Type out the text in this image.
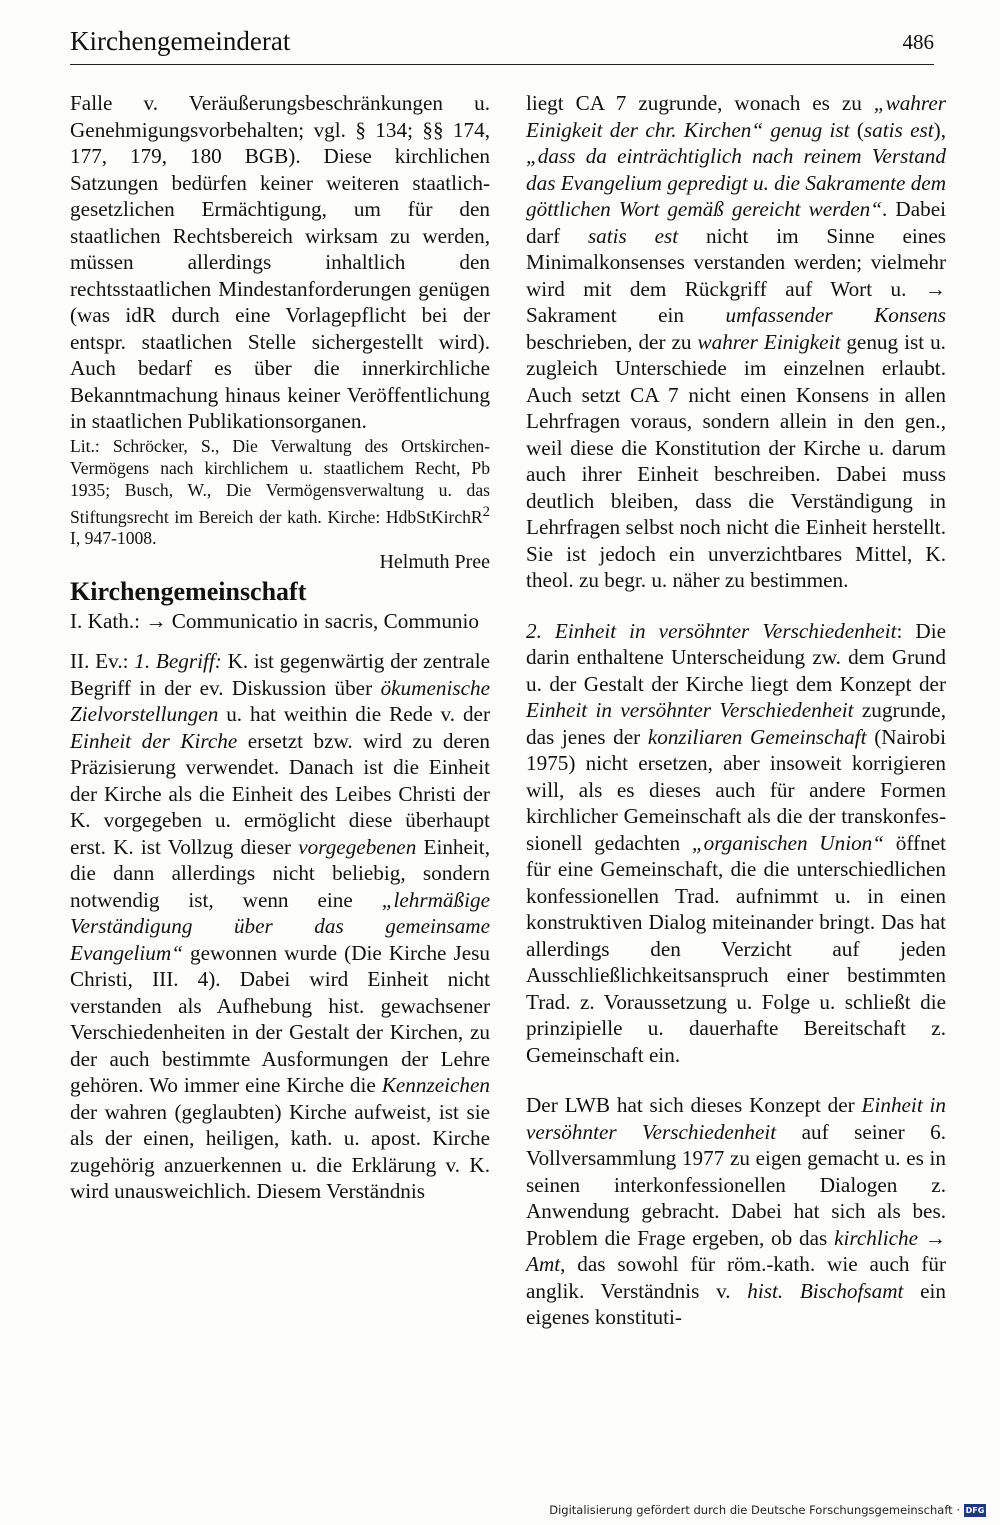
Kirchengemeinderat	486

Falle v. Veräußerungsbeschränkungen u. Genehmigungsvorbehalten; vgl. § 134; §§ 174, 177, 179, 180 BGB). Diese kirchlichen Satzungen bedürfen keiner weiteren staatlich-gesetzlichen Ermächtigung, um für den staatlichen Rechtsbereich wirksam zu werden, müssen allerdings inhaltlich den rechtsstaatlichen Mindestanforderungen genügen (was idR durch eine Vorlagepflicht bei der entspr. staatlichen Stelle sichergestellt wird). Auch bedarf es über die innerkirchliche Bekanntmachung hinaus keiner Veröffentlichung in staatlichen Publikationsorganen.

Lit.: Schröcker, S., Die Verwaltung des Ortskirchen-Vermögens nach kirchlichem u. staatlichem Recht, Pb 1935; Busch, W., Die Vermögensverwaltung u. das Stiftungsrecht im Bereich der kath. Kirche: HdbStKirchR$^2$ I, 947-1008.

Helmuth Pree

Kirchengemeinschaft

I. Kath.: → Communicatio in sacris, Communio

II. Ev.: 1. Begriff: K. ist gegenwärtig der zentrale Begriff in der ev. Diskussion über ökumenische Zielvorstellungen u. hat weithin die Rede v. der Einheit der Kirche ersetzt bzw. wird zu deren Präzisierung verwendet. Danach ist die Einheit der Kirche als die Einheit des Leibes Christi der K. vorgegeben u. ermöglicht diese überhaupt erst. K. ist Vollzug dieser vorgegebenen Einheit, die dann allerdings nicht beliebig, sondern notwendig ist, wenn eine „lehrmäßige Verständigung über das gemeinsame Evangelium“ gewonnen wurde (Die Kirche Jesu Christi, III. 4). Dabei wird Einheit nicht verstanden als Aufhebung hist. gewachsener Verschiedenheiten in der Gestalt der Kirchen, zu der auch bestimmte Ausformungen der Lehre gehören. Wo immer eine Kirche die Kennzeichen der wahren (geglaubten) Kirche aufweist, ist sie als der einen, heiligen, kath. u. apost. Kirche zugehörig anzuerkennen u. die Erklärung v. K. wird unausweichlich. Diesem Verständnis

liegt CA 7 zugrunde, wonach es zu „wahrer Einigkeit der chr. Kirchen“ genug ist (satis est), „dass da einträchtiglich nach reinem Verstand das Evangelium gepredigt u. die Sakramente dem göttlichen Wort gemäß gereicht werden“. Dabei darf satis est nicht im Sinne eines Minimalkonsenses verstanden werden; vielmehr wird mit dem Rückgriff auf Wort u. → Sakrament ein umfassender Konsens beschrieben, der zu wahrer Einigkeit genug ist u. zugleich Unterschiede im einzelnen erlaubt. Auch setzt CA 7 nicht einen Konsens in allen Lehrfragen voraus, sondern allein in den gen., weil diese die Konstitution der Kirche u. darum auch ihrer Einheit beschreiben. Dabei muss deutlich bleiben, dass die Verständigung in Lehrfragen selbst noch nicht die Einheit herstellt. Sie ist jedoch ein unverzichtbares Mittel, K. theol. zu begr. u. näher zu bestimmen.

2. Einheit in versöhnter Verschiedenheit: Die darin enthaltene Unterscheidung zw. dem Grund u. der Gestalt der Kirche liegt dem Konzept der Einheit in versöhnter Verschiedenheit zugrunde, das jenes der konziliaren Gemeinschaft (Nairobi 1975) nicht ersetzen, aber insoweit korrigieren will, als es dieses auch für andere Formen kirchlicher Gemeinschaft als die der transkonfessionell gedachten „organischen Union“ öffnet für eine Gemeinschaft, die die unterschiedlichen konfessionellen Trad. aufnimmt u. in einen konstruktiven Dialog miteinander bringt. Das hat allerdings den Verzicht auf jeden Ausschließlichkeitsanspruch einer bestimmten Trad. z. Voraussetzung u. Folge u. schließt die prinzipielle u. dauerhafte Bereitschaft z. Gemeinschaft ein.

Der LWB hat sich dieses Konzept der Einheit in versöhnter Verschiedenheit auf seiner 6. Vollversammlung 1977 zu eigen gemacht u. es in seinen interkonfessionellen Dialogen z. Anwendung gebracht. Dabei hat sich als bes. Problem die Frage ergeben, ob das kirchliche → Amt, das sowohl für röm.-kath. wie auch für anglik. Verständnis v. hist. Bischofsamt ein eigenes konstituti-

Digitalisierung gefördert durch die Deutsche Forschungsgemeinschaft · DFG
